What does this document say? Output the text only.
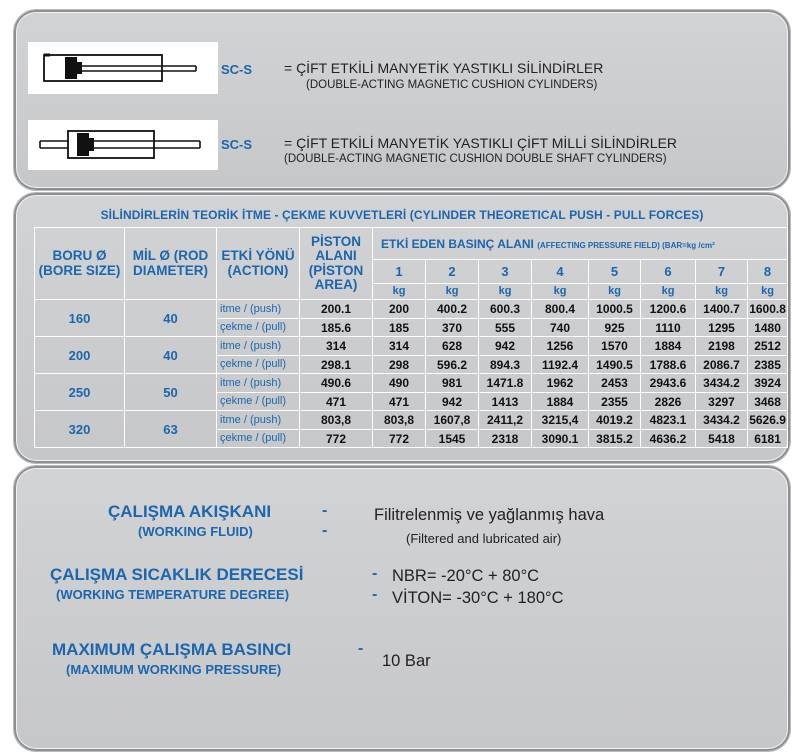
SC-S = ÇİFT ETKİLİ MANYETİK YASTIKLI SİLİNDİRLER
(DOUBLE-ACTING MAGNETIC CUSHION CYLINDERS)
SC-S = ÇİFT ETKİLİ MANYETİK YASTIKLI ÇİFT MİLLİ SİLİNDİRLER
(DOUBLE-ACTING MAGNETIC CUSHION DOUBLE SHAFT CYLINDERS)
SİLİNDİRLERİN TEORİK İTME - ÇEKME KUVVETLERİ (CYLINDER THEORETICAL PUSH - PULL FORCES)
BORU Ø (BORE SIZE)	MİL Ø (ROD DIAMETER)	ETKİ YÖNÜ (ACTION)	PİSTON ALANI (PİSTON AREA)	ETKİ EDEN BASINÇ ALANI (AFFECTING PRESSURE FIELD) (BAR=kg /cm²							
				1	2	3	4	5	6	7	8
				kg	kg	kg	kg	kg	kg	kg	kg
160	40	itme / (push)	200.1	200	400.2	600.3	800.4	1000.5	1200.6	1400.7	1600.8
		çekme / (pull)	185.6	185	370	555	740	925	1110	1295	1480
200	40	itme / (push)	314	314	628	942	1256	1570	1884	2198	2512
		çekme / (pull)	298.1	298	596.2	894.3	1192.4	1490.5	1788.6	2086.7	2385
250	50	itme / (push)	490.6	490	981	1471.8	1962	2453	2943.6	3434.2	3924
		çekme / (pull)	471	471	942	1413	1884	2355	2826	3297	3468
320	63	itme / (push)	803,8	803,8	1607,8	2411,2	3215,4	4019.2	4823.1	3434.2	5626.9
		çekme / (pull)	772	772	1545	2318	3090.1	3815.2	4636.2	5418	6181
ÇALIŞMA AKIŞKANI	-
(WORKING FLUID)	-
Filitrelenmiş ve yağlanmış hava
(Filtered and lubricated air)
ÇALIŞMA SICAKLIK DERECESİ	-
(WORKING TEMPERATURE DEGREE)	-
NBR= -20°C + 80°C
VİTON= -30°C + 180°C
MAXIMUM ÇALIŞMA BASINCI	-
(MAXIMUM WORKING PRESSURE)	10 Bar
